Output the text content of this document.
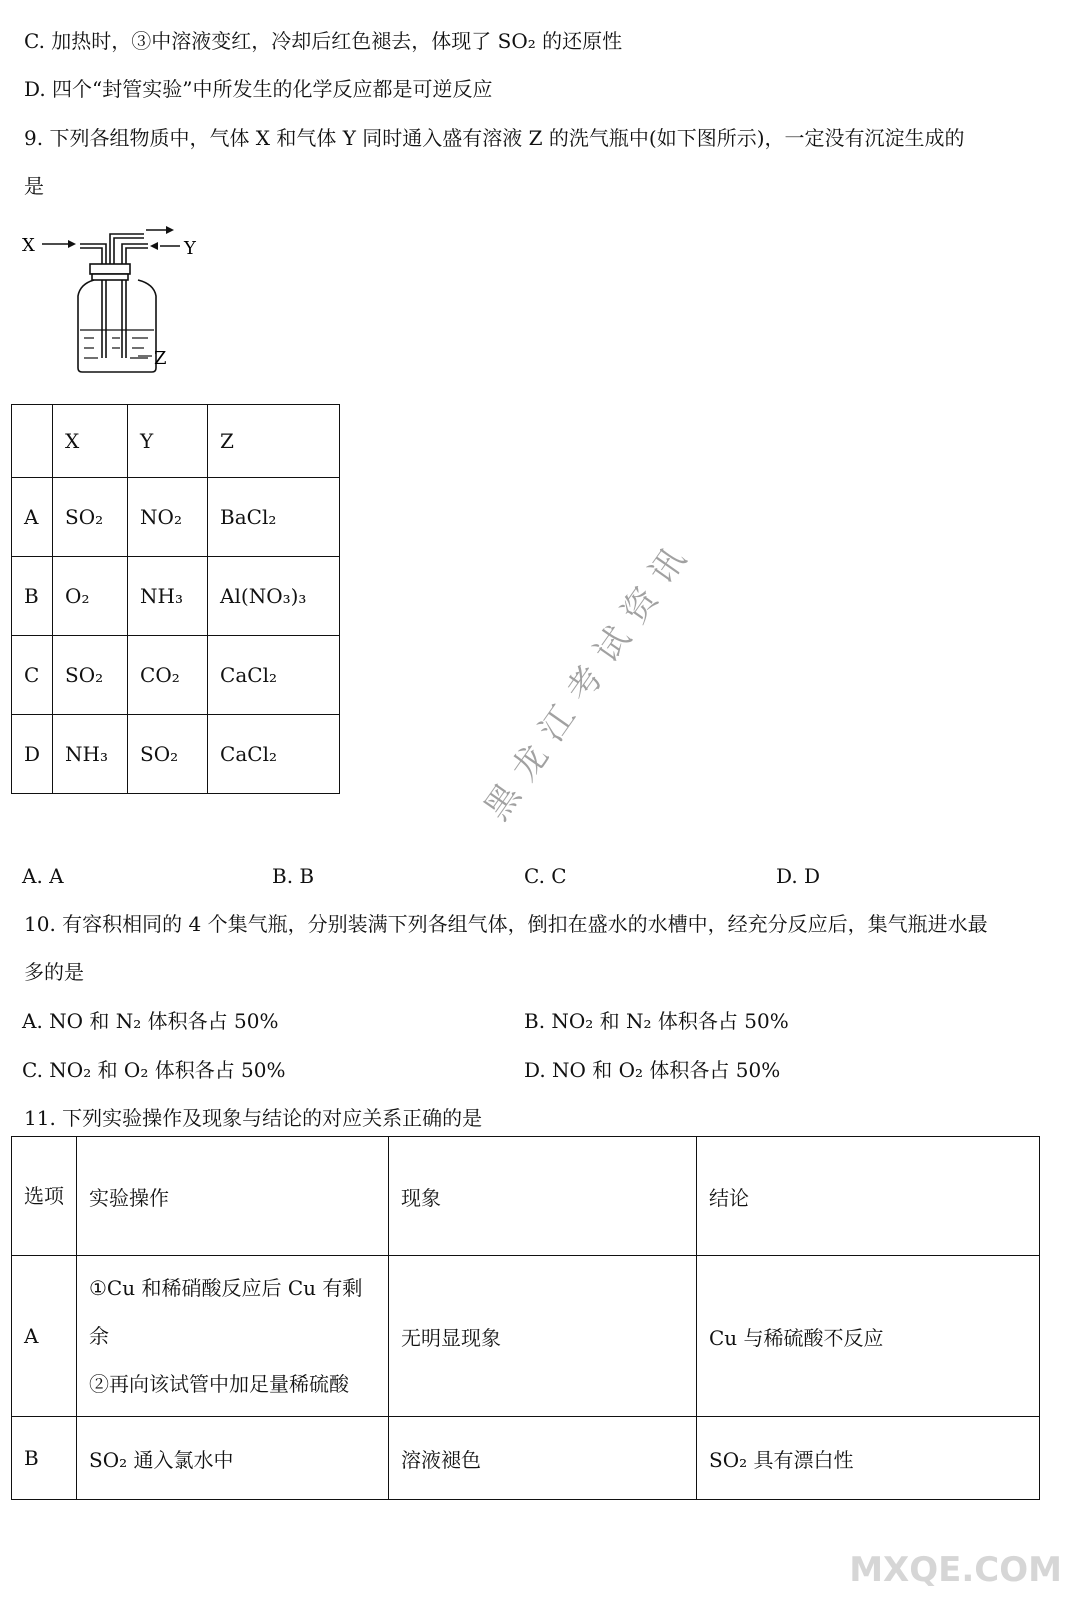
C. 加热时，③中溶液变红，冷却后红色褪去，体现了 SO₂ 的还原性
D. 四个“封管实验”中所发生的化学反应都是可逆反应
9. 下列各组物质中，气体 X 和气体 Y 同时通入盛有溶液 Z 的洗气瓶中(如下图所示)，一定没有沉淀生成的
是
X	Y
Z
	X	Y	Z
A	SO₂	NO₂	BaCl₂
B	O₂	NH₃	Al(NO₃)₃
C	SO₂	CO₂	CaCl₂
D	NH₃	SO₂	CaCl₂
A. A	B. B	C. C	D. D
10. 有容积相同的 4 个集气瓶，分别装满下列各组气体，倒扣在盛水的水槽中，经充分反应后，集气瓶进水最
多的是
A. NO 和 N₂ 体积各占 50%	B. NO₂ 和 N₂ 体积各占 50%
C. NO₂ 和 O₂ 体积各占 50%	D. NO 和 O₂ 体积各占 50%
11. 下列实验操作及现象与结论的对应关系正确的是
选项	实验操作	现象	结论
A	①Cu 和稀硝酸反应后 Cu 有剩
余
②再向该试管中加足量稀硫酸	无明显现象	Cu 与稀硫酸不反应
B	SO₂ 通入氯水中	溶液褪色	SO₂ 具有漂白性
黑龙江考试资讯
MXQE.COM
